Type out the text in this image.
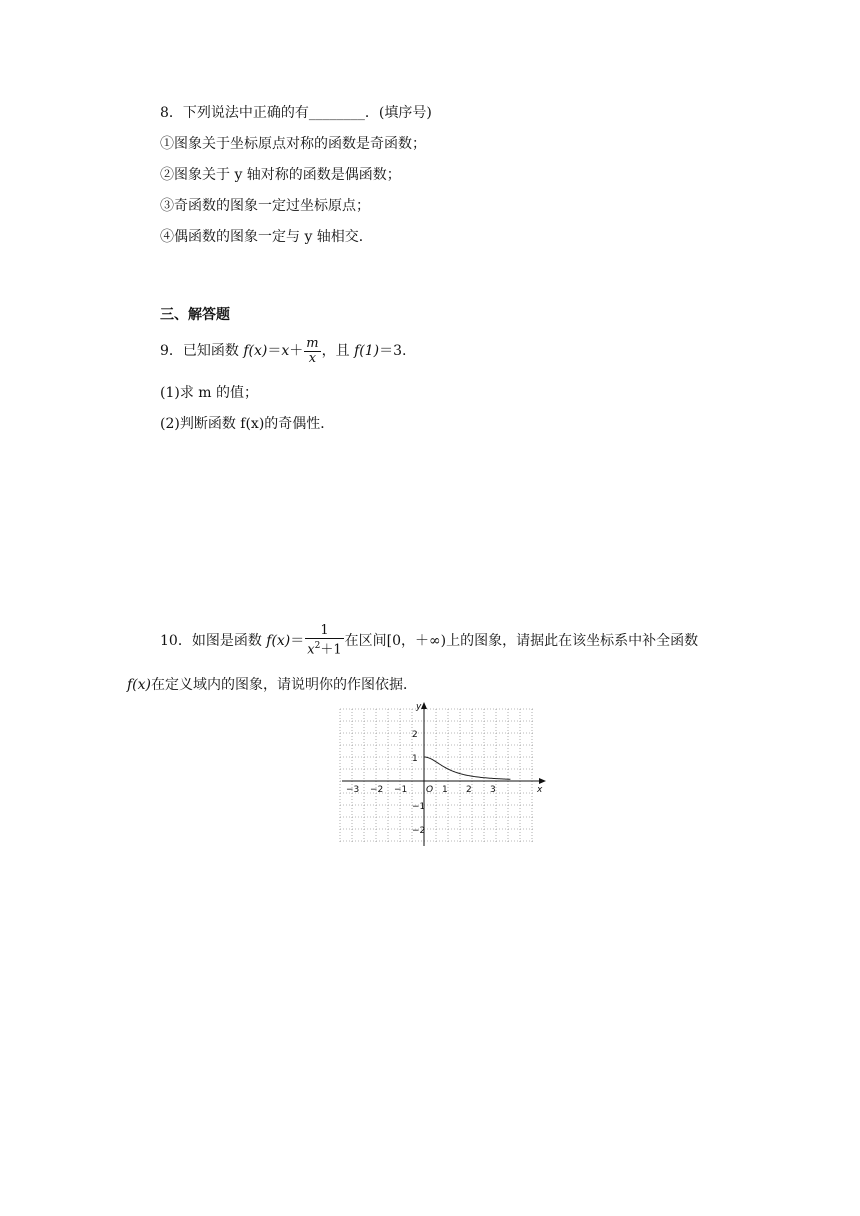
8．下列说法中正确的有________．(填序号)
①图象关于坐标原点对称的函数是奇函数；
②图象关于 y 轴对称的函数是偶函数；
③奇函数的图象一定过坐标原点；
④偶函数的图象一定与 y 轴相交．
三、解答题
9．已知函数 $f(x)=x+ \frac{m}{x}$ ，且 f(1)＝3.
(1)求 m 的值；
(2)判断函数 f(x)的奇偶性．
10．如图是函数 $f(x)= \frac{1}{x^2+1}$ 在区间[0，＋∞)上的图象，请据此在该坐标系中补全函数
f(x)在定义域内的图象，请说明你的作图依据．
−3 −2 −1	1 2 3
2
1
−1
−2
x
y
O
